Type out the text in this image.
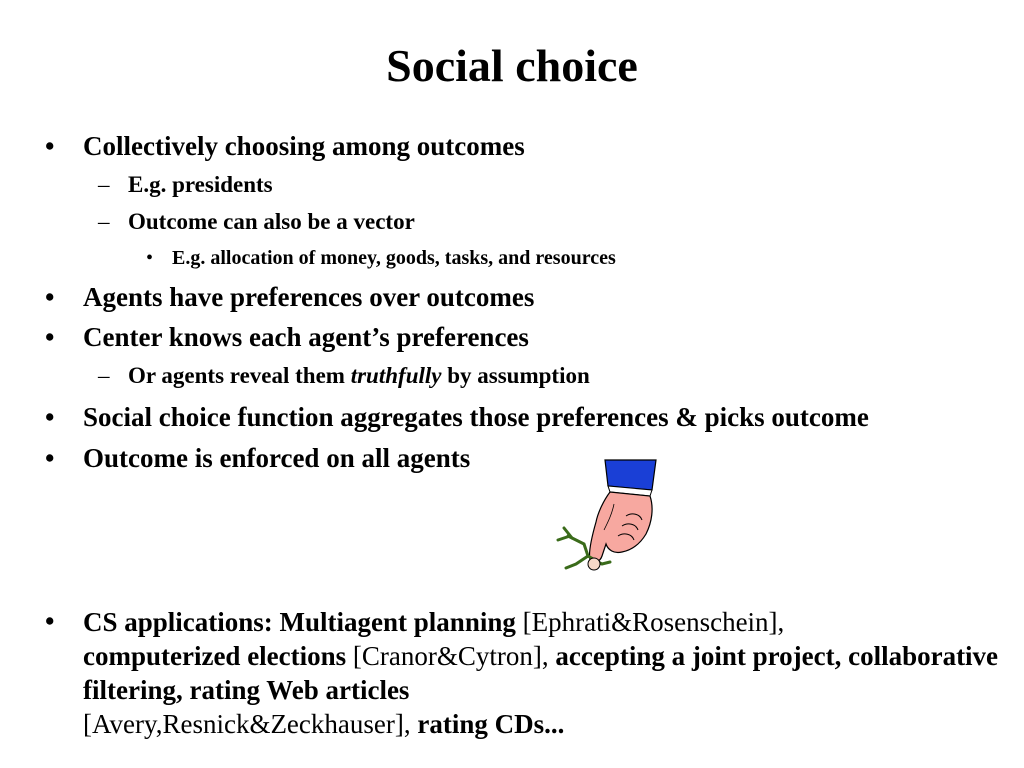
Social choice
• Collectively choosing among outcomes
– E.g. presidents
– Outcome can also be a vector
• E.g. allocation of money, goods, tasks, and resources
• Agents have preferences over outcomes
• Center knows each agent’s preferences
– Or agents reveal them truthfully by assumption
• Social choice function aggregates those preferences & picks outcome
• Outcome is enforced on all agents
• CS applications: Multiagent planning [Ephrati&Rosenschein],
computerized elections [Cranor&Cytron], accepting a joint project, collaborative filtering, rating Web articles
[Avery,Resnick&Zeckhauser], rating CDs...
